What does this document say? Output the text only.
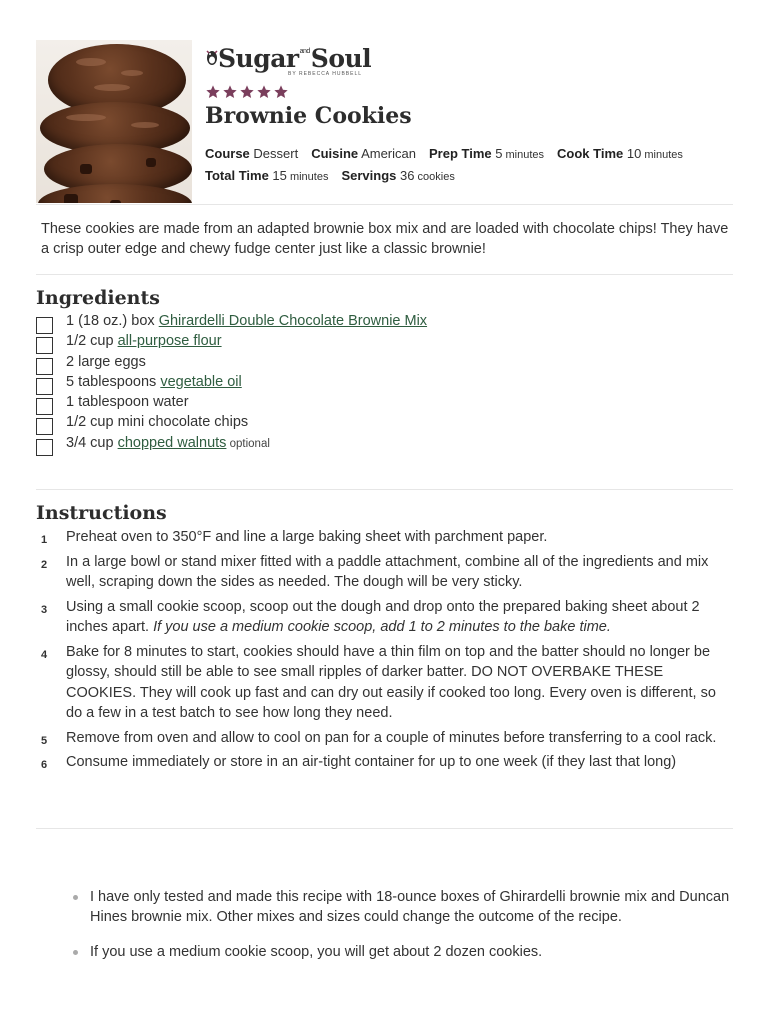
Sugar$^{and}$Soul
BY REBECCA HUBBELL
Brownie Cookies
Course Dessert Cuisine American Prep Time 5 minutes Cook Time 10 minutes
Total Time 15 minutes Servings 36 cookies
These cookies are made from an adapted brownie box mix and are loaded with chocolate chips! They have a crisp outer edge and chewy fudge center just like a classic brownie!
Ingredients
1 (18 oz.) box Ghirardelli Double Chocolate Brownie Mix
1/2 cup all-purpose flour
2 large eggs
5 tablespoons vegetable oil
1 tablespoon water
1/2 cup mini chocolate chips
3/4 cup chopped walnuts optional
Instructions
1 Preheat oven to 350°F and line a large baking sheet with parchment paper.
2 In a large bowl or stand mixer fitted with a paddle attachment, combine all of the ingredients and mix well, scraping down the sides as needed. The dough will be very sticky.
3 Using a small cookie scoop, scoop out the dough and drop onto the prepared baking sheet about 2 inches apart. If you use a medium cookie scoop, add 1 to 2 minutes to the bake time.
4 Bake for 8 minutes to start, cookies should have a thin film on top and the batter should no longer be glossy, should still be able to see small ripples of darker batter. DO NOT OVERBAKE THESE COOKIES. They will cook up fast and can dry out easily if cooked too long. Every oven is different, so do a few in a test batch to see how long they need.
5 Remove from oven and allow to cool on pan for a couple of minutes before transferring to a cool rack.
6 Consume immediately or store in an air-tight container for up to one week (if they last that long)
I have only tested and made this recipe with 18-ounce boxes of Ghirardelli brownie mix and Duncan Hines brownie mix. Other mixes and sizes could change the outcome of the recipe.
If you use a medium cookie scoop, you will get about 2 dozen cookies.
